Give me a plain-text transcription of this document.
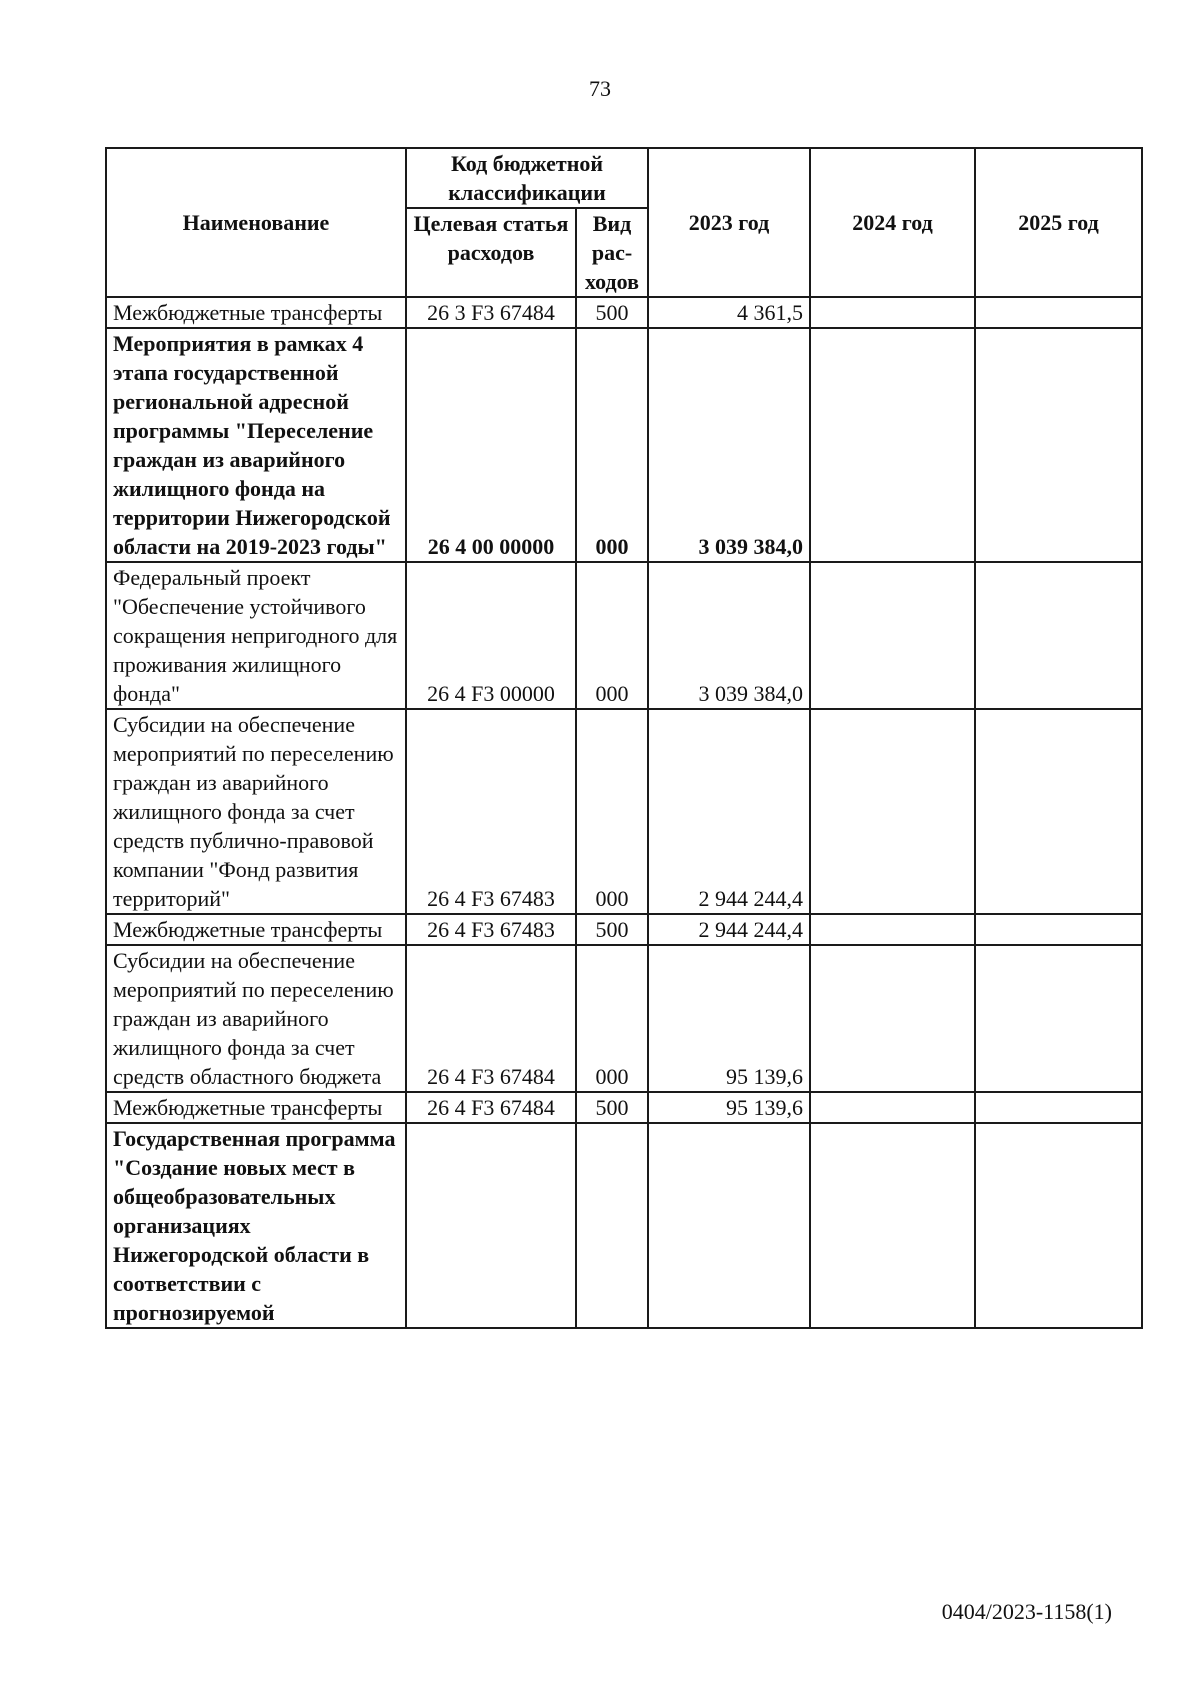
73
Наименование	Код бюджетной классификации		2023 год	2024 год	2025 год
	Целевая статья расходов	Вид рас-ходов			
Межбюджетные трансферты	26 3 F3 67484	500	4 361,5		
Мероприятия в рамках 4 этапа государственной региональной адресной программы "Переселение граждан из аварийного жилищного фонда на территории Нижегородской области на 2019-2023 годы"	26 4 00 00000	000	3 039 384,0		
Федеральный проект "Обеспечение устойчивого сокращения непригодного для проживания жилищного фонда"	26 4 F3 00000	000	3 039 384,0		
Субсидии на обеспечение мероприятий по переселению граждан из аварийного жилищного фонда за счет средств публично-правовой компании "Фонд развития территорий"	26 4 F3 67483	000	2 944 244,4		
Межбюджетные трансферты	26 4 F3 67483	500	2 944 244,4		
Субсидии на обеспечение мероприятий по переселению граждан из аварийного жилищного фонда за счет средств областного бюджета	26 4 F3 67484	000	95 139,6		
Межбюджетные трансферты	26 4 F3 67484	500	95 139,6		
Государственная программа "Создание новых мест в общеобразовательных организациях Нижегородской области в соответствии с прогнозируемой					
0404/2023-1158(1)
